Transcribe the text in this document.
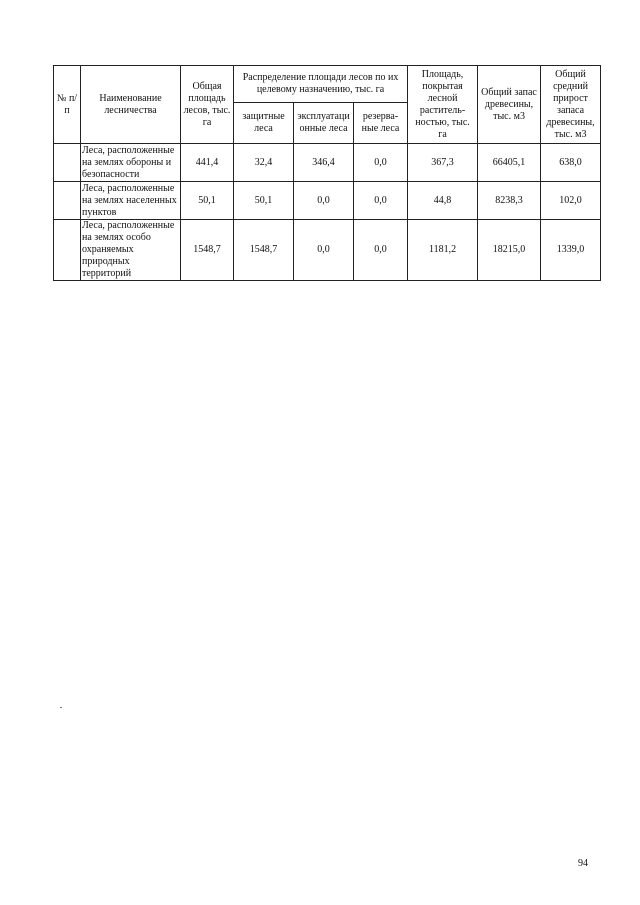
№ п/п	Наименование лесничества	Общая площадь лесов, тыс. га	Распределение площади лесов по их целевому назначению, тыс. га			Площадь, покрытая лесной раститель-ностью, тыс. га	Общий запас древесины, тыс. м3	Общий средний прирост запаса древесины, тыс. м3
			защитные леса	эксплуатаци онные леса	резерва-ные леса			
	Леса, расположенные на землях обороны и безопасности	441,4	32,4	346,4	0,0	367,3	66405,1	638,0
	Леса, расположенные на землях населенных пунктов	50,1	50,1	0,0	0,0	44,8	8238,3	102,0
	Леса, расположенные на землях особо охраняемых природных территорий	1548,7	1548,7	0,0	0,0	1181,2	18215,0	1339,0
94
